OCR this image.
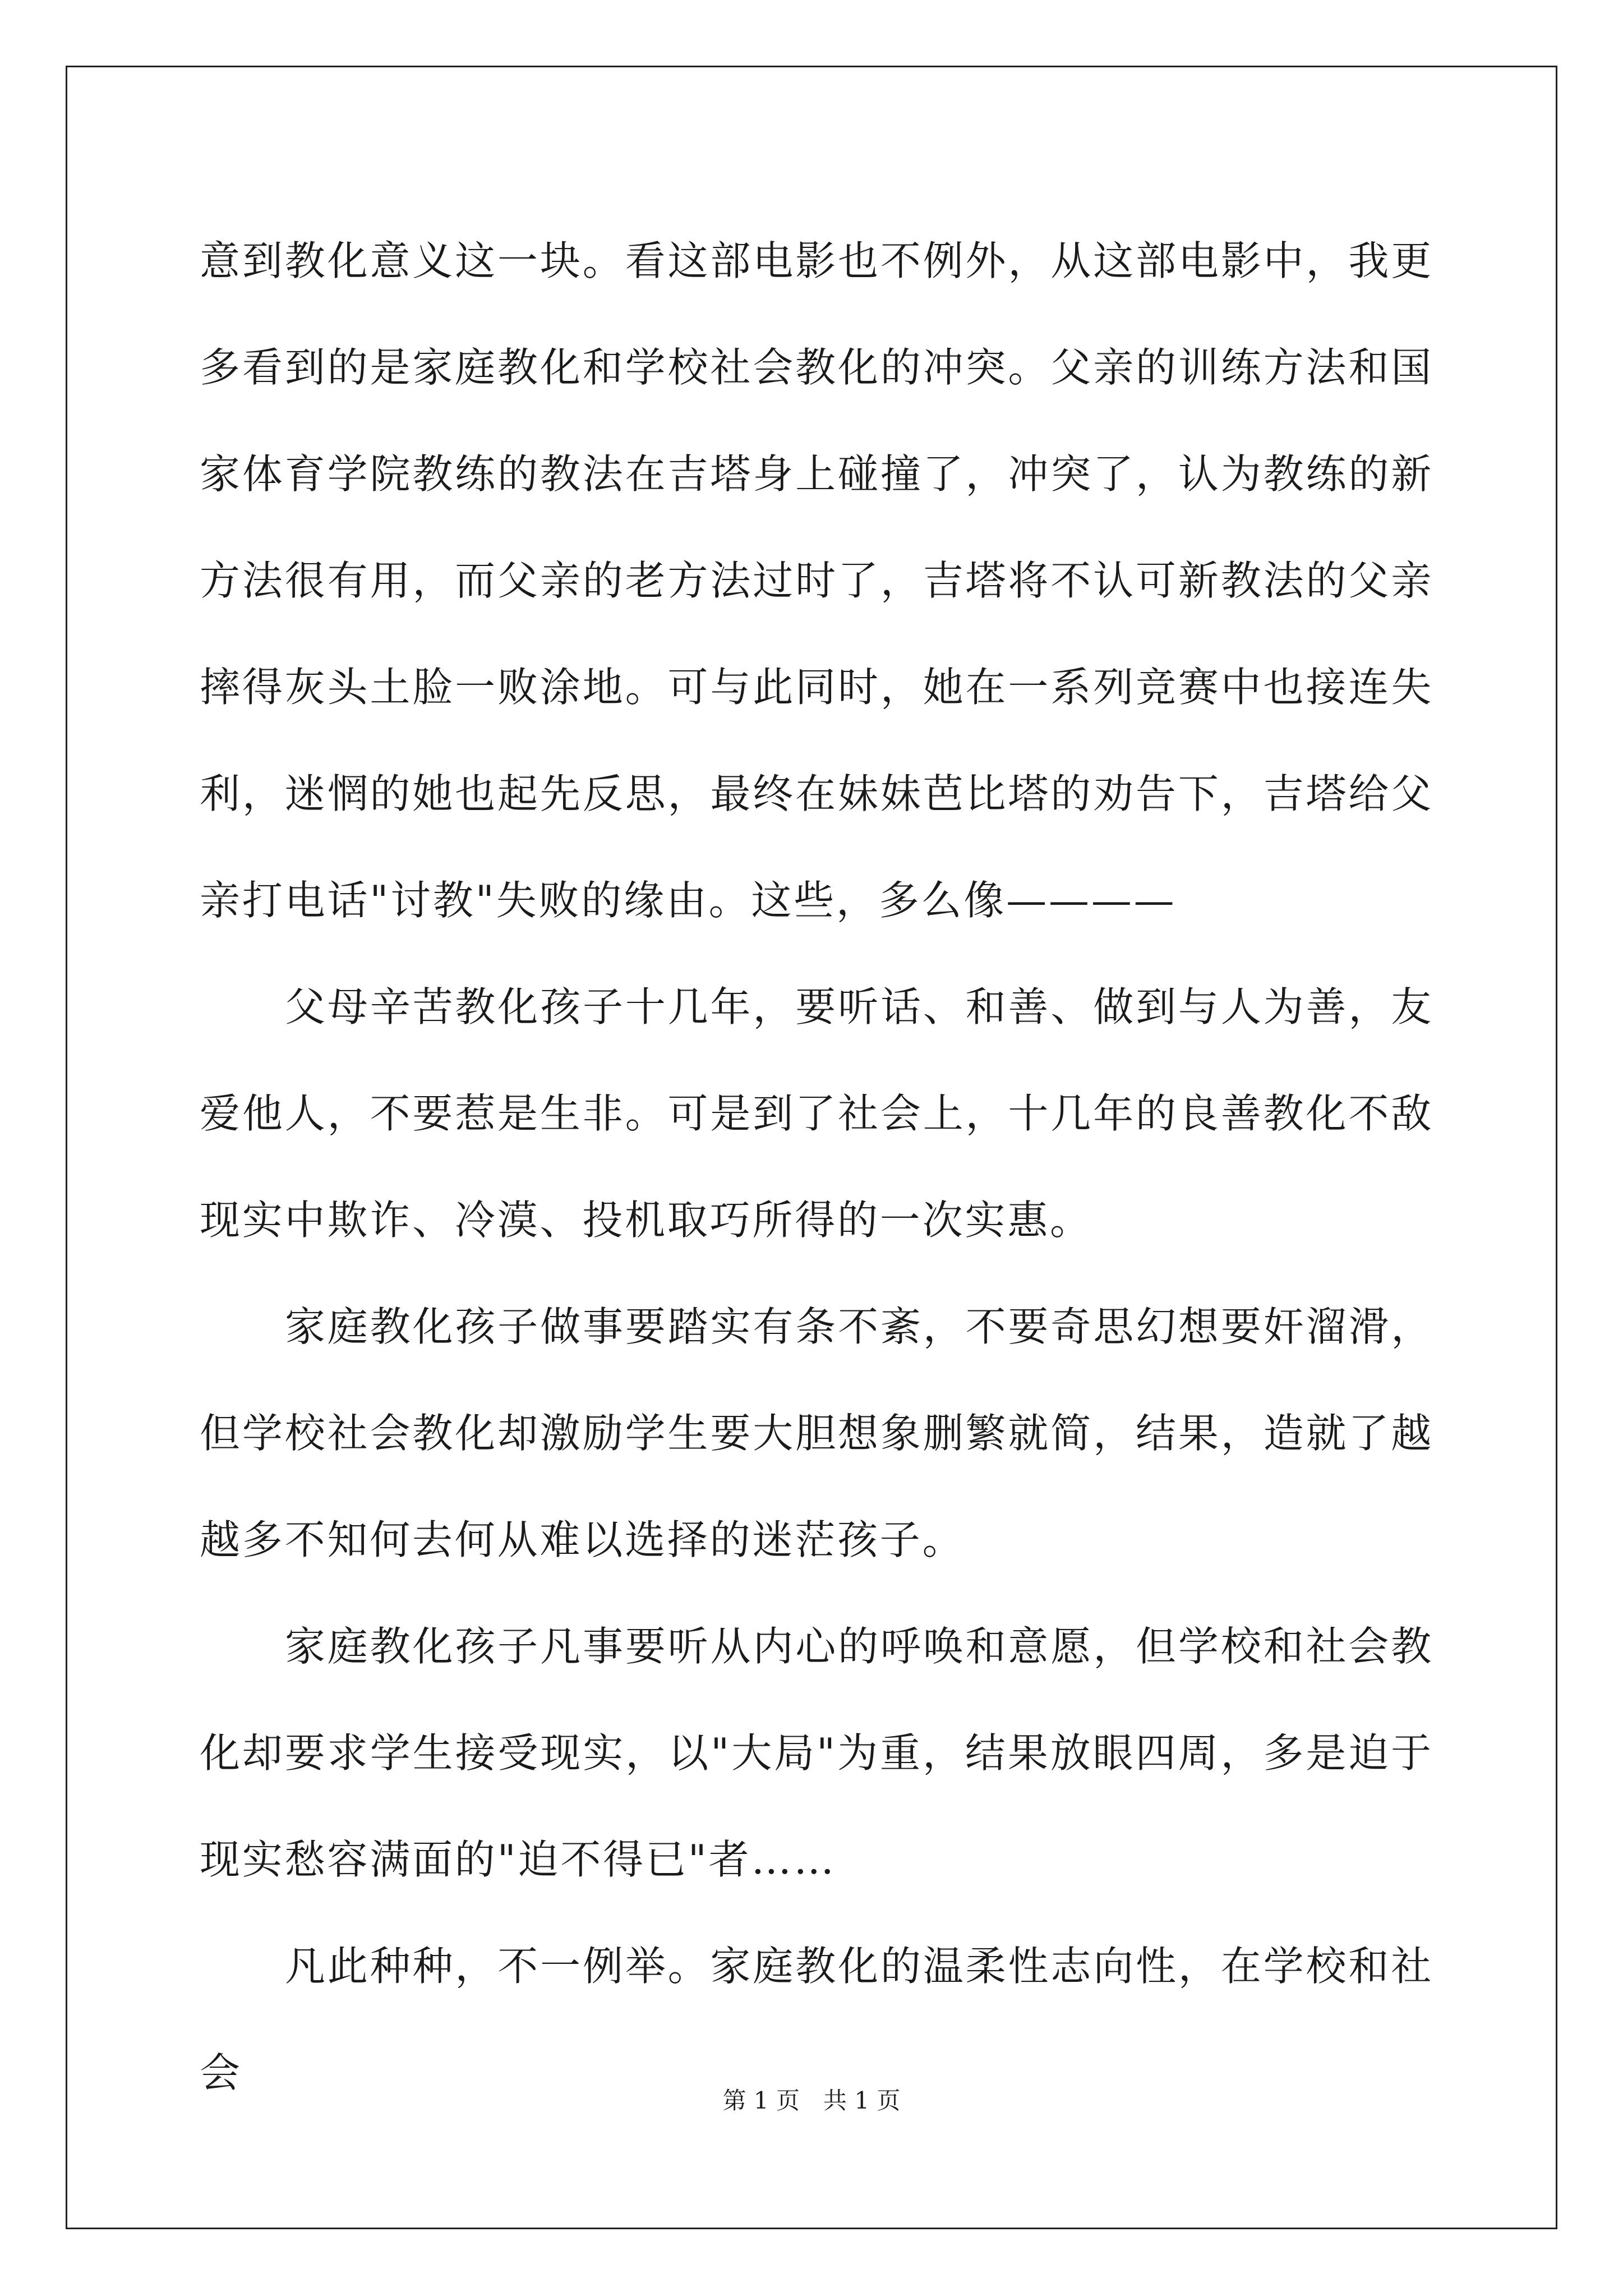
意到教化意义这一块。看这部电影也不例外，从这部电影中，我更多看到的是家庭教化和学校社会教化的冲突。父亲的训练方法和国家体育学院教练的教法在吉塔身上碰撞了，冲突了，认为教练的新方法很有用，而父亲的老方法过时了，吉塔将不认可新教法的父亲摔得灰头土脸一败涂地。可与此同时，她在一系列竞赛中也接连失利，迷惘的她也起先反思，最终在妹妹芭比塔的劝告下，吉塔给父亲打电话"讨教"失败的缘由。这些，多么像————

父母辛苦教化孩子十几年，要听话、和善、做到与人为善，友爱他人，不要惹是生非。可是到了社会上，十几年的良善教化不敌现实中欺诈、冷漠、投机取巧所得的一次实惠。

家庭教化孩子做事要踏实有条不紊，不要奇思幻想要奸溜滑，但学校社会教化却激励学生要大胆想象删繁就简，结果，造就了越越多不知何去何从难以选择的迷茫孩子。

家庭教化孩子凡事要听从内心的呼唤和意愿，但学校和社会教化却要求学生接受现实，以"大局"为重，结果放眼四周，多是迫于现实愁容满面的"迫不得已"者……

凡此种种，不一例举。家庭教化的温柔性志向性，在学校和社会

第 1 页　共 1 页
